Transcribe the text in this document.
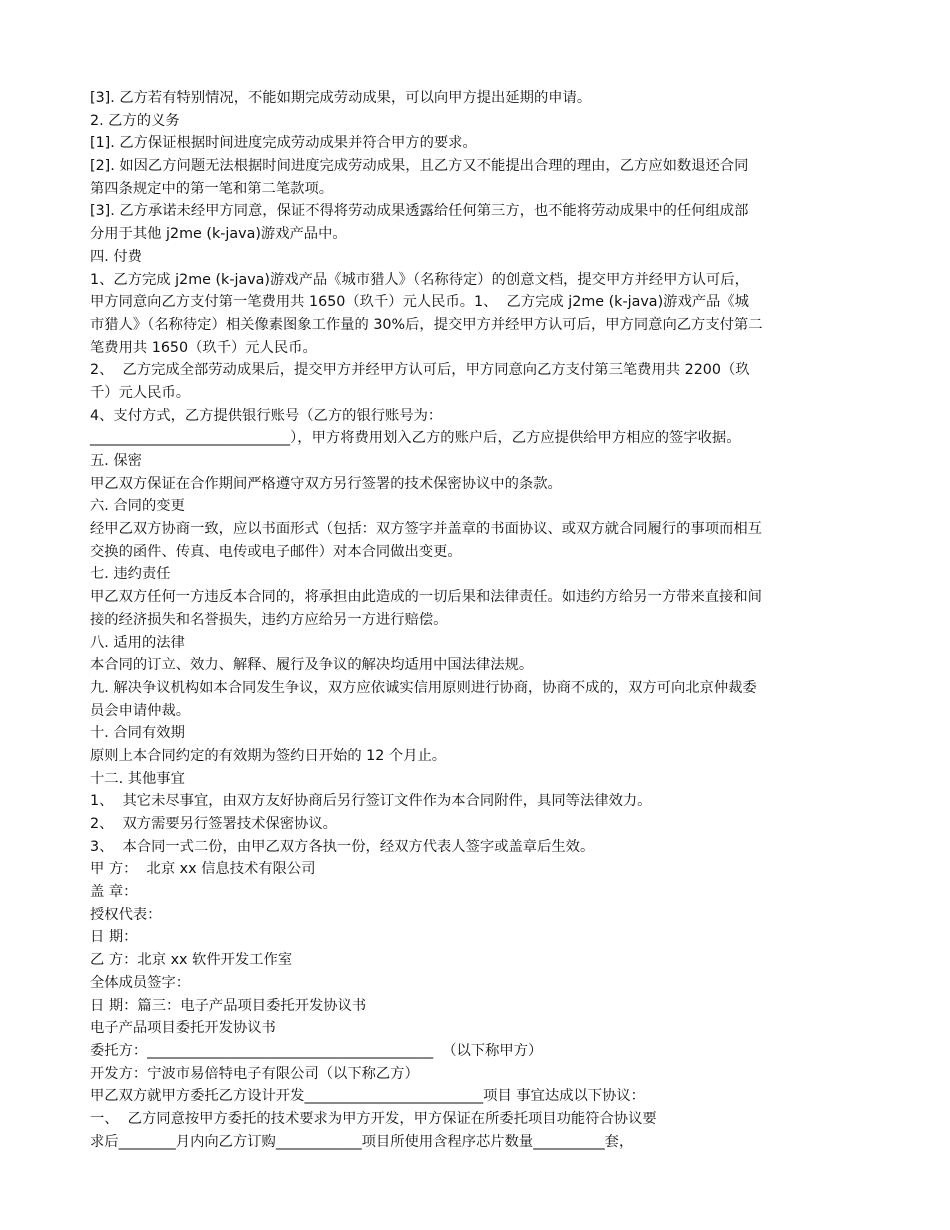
[3]. 乙方若有特别情况，不能如期完成劳动成果，可以向甲方提出延期的申请。
2. 乙方的义务
[1]. 乙方保证根据时间进度完成劳动成果并符合甲方的要求。
[2]. 如因乙方问题无法根据时间进度完成劳动成果，且乙方又不能提出合理的理由，乙方应如数退还合同
第四条规定中的第一笔和第二笔款项。
[3]. 乙方承诺未经甲方同意，保证不得将劳动成果透露给任何第三方，也不能将劳动成果中的任何组成部
分用于其他 j2me (k-java)游戏产品中。
四. 付费
1、乙方完成 j2me (k-java)游戏产品《城市猎人》（名称待定）的创意文档，提交甲方并经甲方认可后，
甲方同意向乙方支付第一笔费用共 1650（玖千）元人民币。1、  乙方完成 j2me (k-java)游戏产品《城
市猎人》（名称待定）相关像素图象工作量的 30%后，提交甲方并经甲方认可后，甲方同意向乙方支付第二
笔费用共 1650（玖千）元人民币。
2、  乙方完成全部劳动成果后，提交甲方并经甲方认可后，甲方同意向乙方支付第三笔费用共 2200（玖
千）元人民币。
4、支付方式，乙方提供银行账号（乙方的银行账号为：
____________________________），甲方将费用划入乙方的账户后，乙方应提供给甲方相应的签字收据。
五. 保密
甲乙双方保证在合作期间严格遵守双方另行签署的技术保密协议中的条款。
六. 合同的变更
经甲乙双方协商一致，应以书面形式（包括：双方签字并盖章的书面协议、或双方就合同履行的事项而相互
交换的函件、传真、电传或电子邮件）对本合同做出变更。
七. 违约责任
甲乙双方任何一方违反本合同的，将承担由此造成的一切后果和法律责任。如违约方给另一方带来直接和间
接的经济损失和名誉损失，违约方应给另一方进行赔偿。
八. 适用的法律
本合同的订立、效力、解释、履行及争议的解决均适用中国法律法规。
九. 解决争议机构如本合同发生争议，双方应依诚实信用原则进行协商，协商不成的，双方可向北京仲裁委
员会申请仲裁。
十. 合同有效期
原则上本合同约定的有效期为签约日开始的 12 个月止。
十二. 其他事宜
1、  其它未尽事宜，由双方友好协商后另行签订文件作为本合同附件，具同等法律效力。
2、  双方需要另行签署技术保密协议。
3、  本合同一式二份，由甲乙双方各执一份，经双方代表人签字或盖章后生效。
甲 方：  北京 xx 信息技术有限公司
盖 章：
授权代表：
日 期：
乙 方：北京 xx 软件开发工作室
全体成员签字：
日 期：篇三：电子产品项目委托开发协议书
电子产品项目委托开发协议书
委托方：________________________________________  （以下称甲方）
开发方：宁波市易倍特电子有限公司（以下称乙方）
甲乙双方就甲方委托乙方设计开发_________________________项目 事宜达成以下协议：
一、  乙方同意按甲方委托的技术要求为甲方开发，甲方保证在所委托项目功能符合协议要
求后________月内向乙方订购____________项目所使用含程序芯片数量__________套，
